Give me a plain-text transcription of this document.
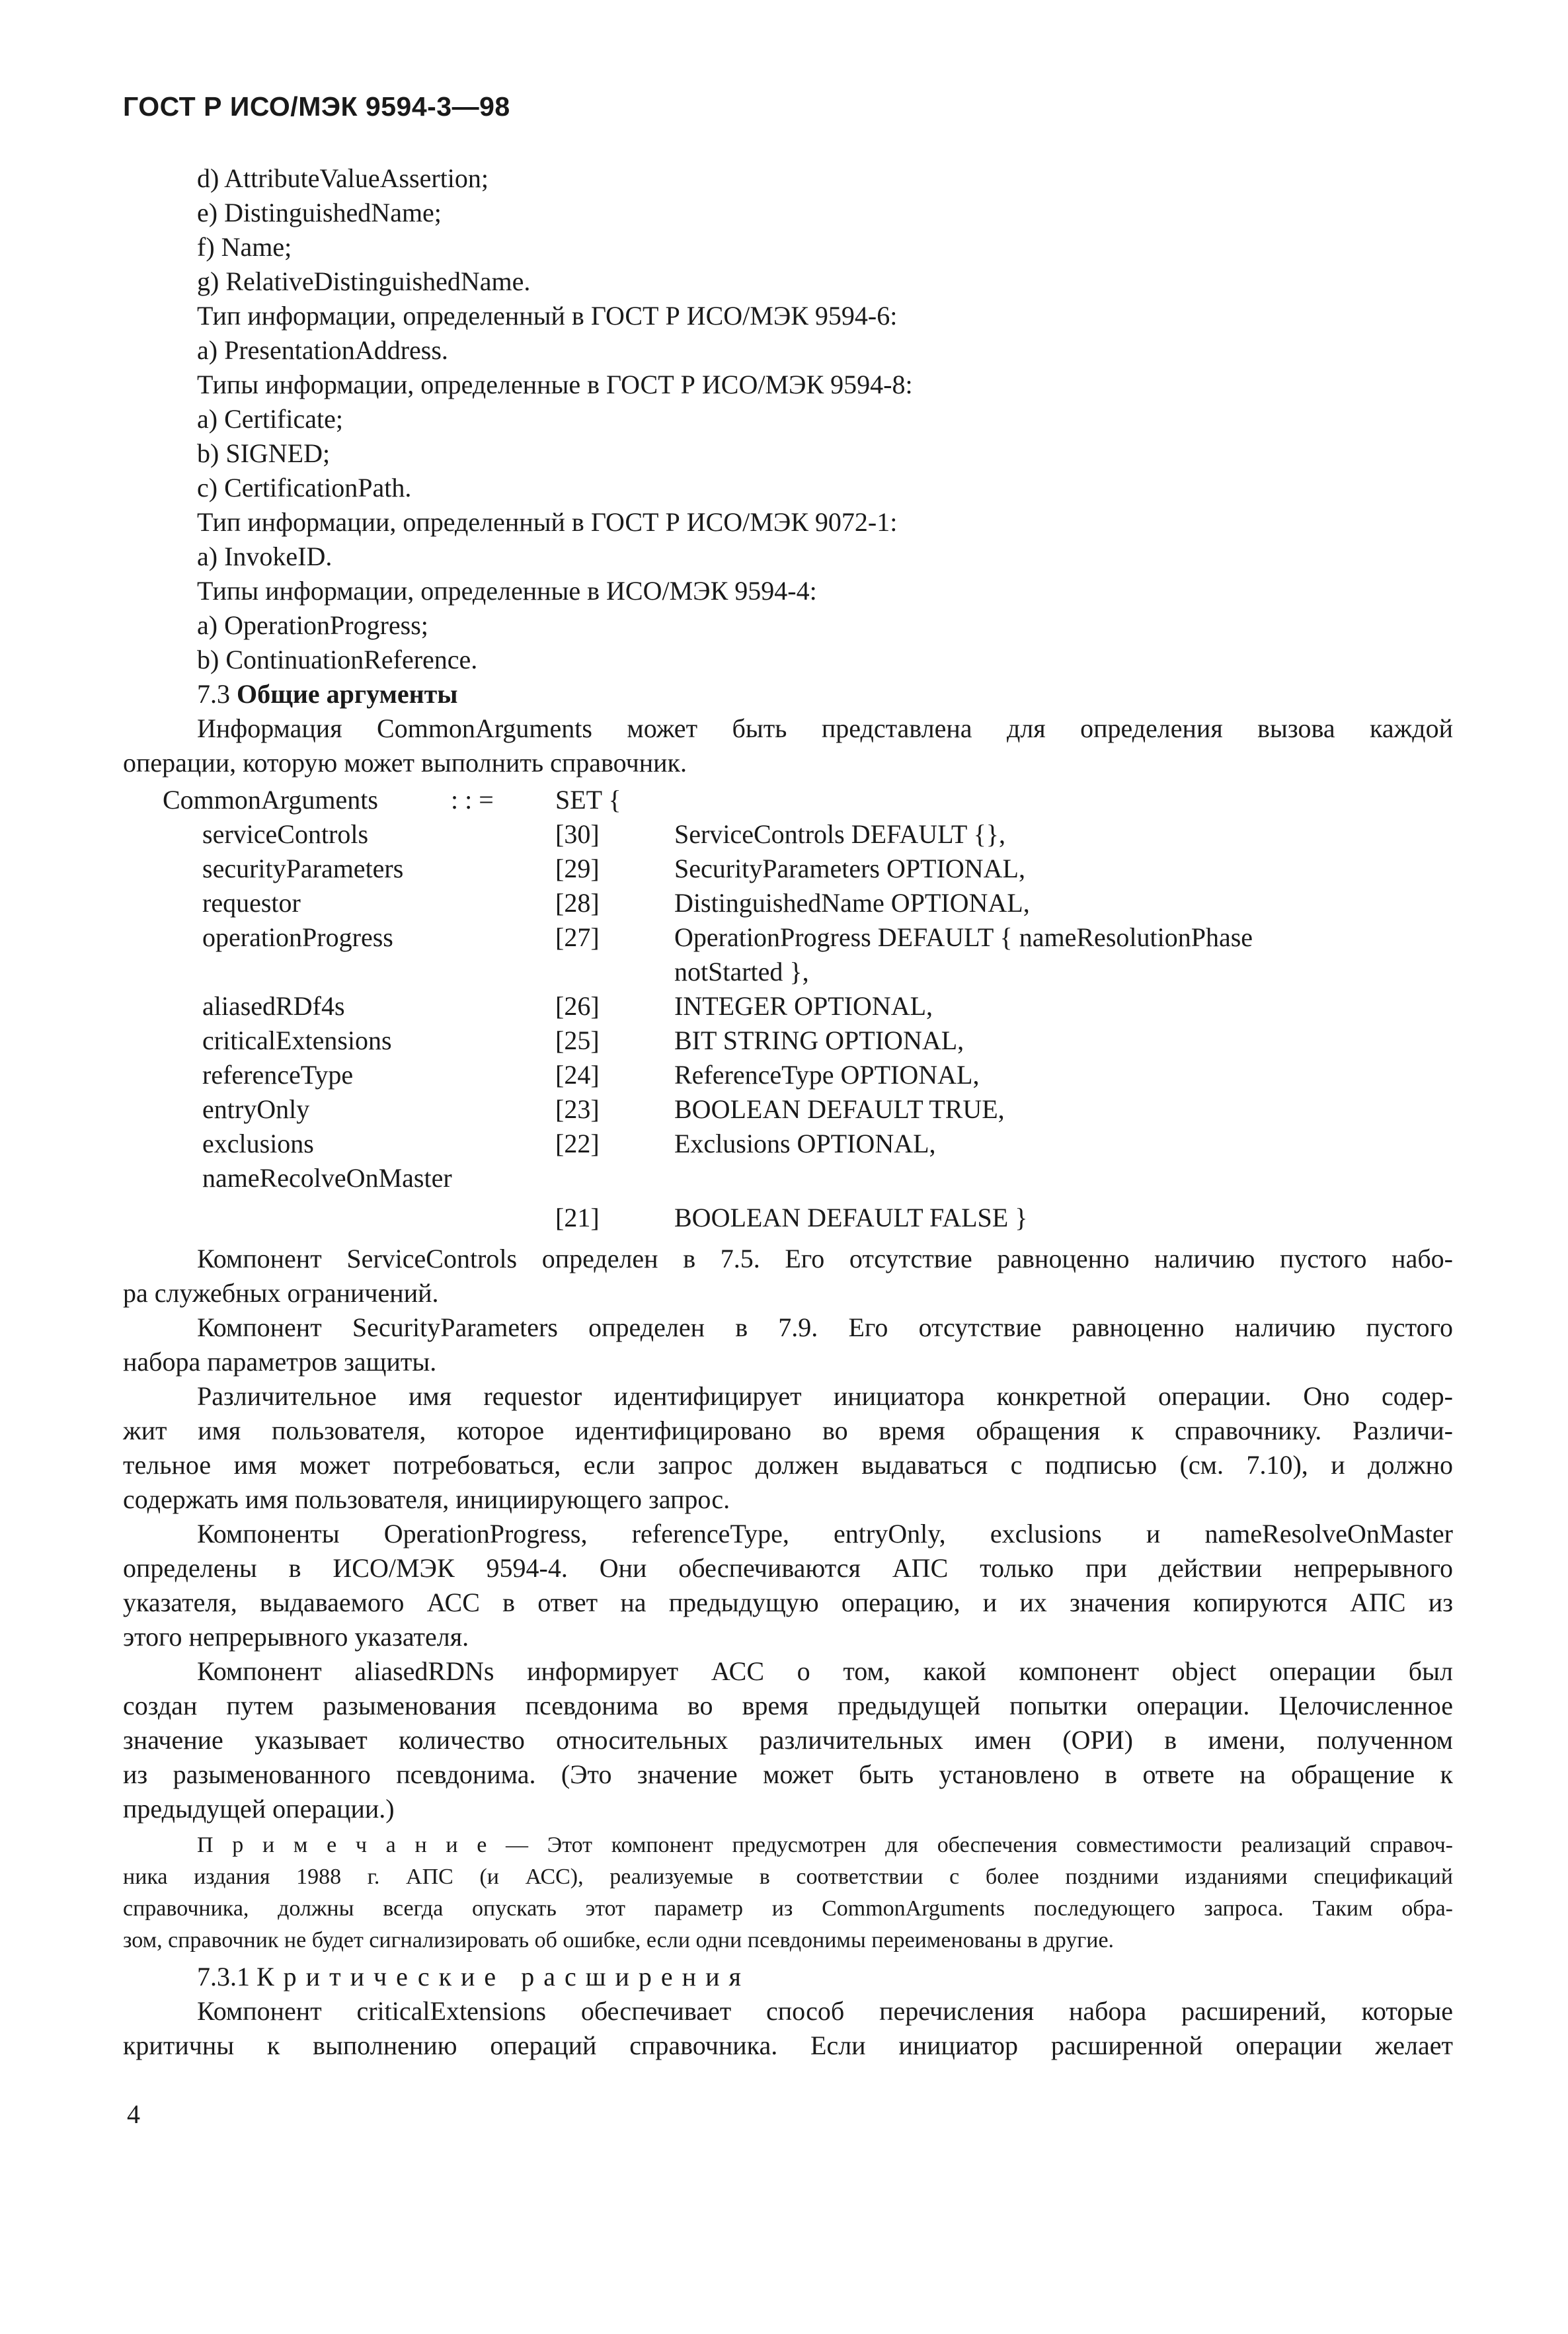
ГОСТ Р ИСО/МЭК 9594-3—98
d) AttributeValueAssertion;
e) DistinguishedName;
f) Name;
g) RelativeDistinguishedName.
Тип информации, определенный в ГОСТ Р ИСО/МЭК 9594-6:
a) PresentationAddress.
Типы информации, определенные в ГОСТ Р ИСО/МЭК 9594-8:
a) Certificate;
b) SIGNED;
c) CertificationPath.
Тип информации, определенный в ГОСТ Р ИСО/МЭК 9072-1:
a) InvokeID.
Типы информации, определенные в ИСО/МЭК 9594-4:
a) OperationProgress;
b) ContinuationReference.
7.3 Общие аргументы
Информация CommonArguments может быть представлена для определения вызова каждой
операции, которую может выполнить справочник.
CommonArguments	: : = SET {
serviceControls	[30]	ServiceControls DEFAULT {},
securityParameters	[29]	SecurityParameters OPTIONAL,
requestor	[28]	DistinguishedName OPTIONAL,
operationProgress	[27]	OperationProgress DEFAULT { nameResolutionPhase
notStarted },
aliasedRDf4s	[26]	INTEGER OPTIONAL,
criticalExtensions	[25]	BIT STRING OPTIONAL,
referenceType	[24]	ReferenceType OPTIONAL,
entryOnly	[23]	BOOLEAN DEFAULT TRUE,
exclusions	[22]	Exclusions OPTIONAL,
nameRecolveOnMaster
[21]	BOOLEAN DEFAULT FALSE }
Компонент ServiceControls определен в 7.5. Его отсутствие равноценно наличию пустого набо-
ра служебных ограничений.
Компонент SecurityParameters определен в 7.9. Его отсутствие равноценно наличию пустого
набора параметров защиты.
Различительное имя requestor идентифицирует инициатора конкретной операции. Оно содер-
жит имя пользователя, которое идентифицировано во время обращения к справочнику. Различи-
тельное имя может потребоваться, если запрос должен выдаваться с подписью (см. 7.10), и должно
содержать имя пользователя, инициирующего запрос.
Компоненты OperationProgress, referenceType, entryOnly, exclusions и nameResolveOnMaster
определены в ИСО/МЭК 9594-4. Они обеспечиваются АПС только при действии непрерывного
указателя, выдаваемого АСС в ответ на предыдущую операцию, и их значения копируются АПС из
этого непрерывного указателя.
Компонент aliasedRDNs информирует АСС о том, какой компонент object операции был
создан путем разыменования псевдонима во время предыдущей попытки операции. Целочисленное
значение указывает количество относительных различительных имен (ОРИ) в имени, полученном
из разыменованного псевдонима. (Это значение может быть установлено в ответе на обращение к
предыдущей операции.)
П р и м е ч а н и е — Этот компонент предусмотрен для обеспечения совместимости реализаций справоч-
ника издания 1988 г. АПС (и АСС), реализуемые в соответствии с более поздними изданиями спецификаций
справочника, должны всегда опускать этот параметр из CommonArguments последующего запроса. Таким обра-
зом, справочник не будет сигнализировать об ошибке, если одни псевдонимы переименованы в другие.
7.3.1 Критические расширения
Компонент criticalExtensions обеспечивает способ перечисления набора расширений, которые
критичны к выполнению операций справочника. Если инициатор расширенной операции желает
4
